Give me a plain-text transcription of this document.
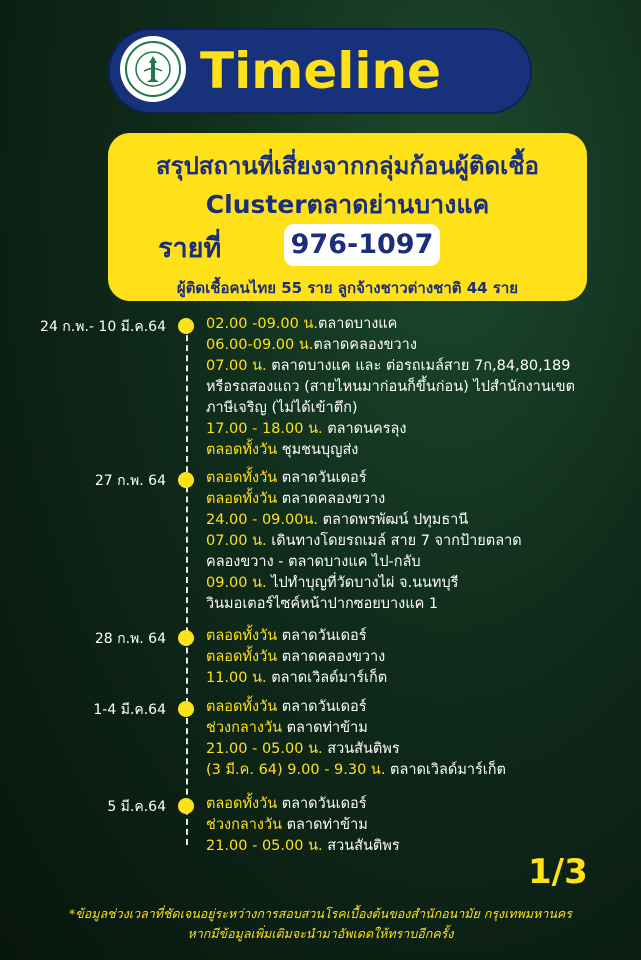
Timeline
สรุปสถานที่เสี่ยงจากกลุ่มก้อนผู้ติดเชื้อ
Clusterตลาดย่านบางแค
รายที่	976-1097
ผู้ติดเชื้อคนไทย 55 ราย ลูกจ้างชาวต่างชาติ 44 ราย
24 ก.พ.- 10 มี.ค.64	02.00 -09.00 น.ตลาดบางแค
06.00-09.00 น.ตลาดคลองขวาง
07.00 น. ตลาดบางแค และ ต่อรถเมล์สาย 7ก,84,80,189
หรือรถสองแถว (สายไหนมาก่อนก็ขึ้นก่อน) ไปสำนักงานเขต
ภาษีเจริญ (ไม่ได้เข้าตึก)
17.00 - 18.00 น. ตลาดนครลุง
ตลอดทั้งวัน ชุมชนบุญส่ง
27 ก.พ. 64	ตลอดทั้งวัน ตลาดวันเดอร์
ตลอดทั้งวัน ตลาดคลองขวาง
24.00 - 09.00น. ตลาดพรพัฒน์ ปทุมธานี
07.00 น. เดินทางโดยรถเมล์ สาย 7 จากป้ายตลาด
คลองขวาง - ตลาดบางแค ไป-กลับ
09.00 น. ไปทำบุญที่วัดบางไผ่ จ.นนทบุรี
วินมอเตอร์ไซค์หน้าปากซอยบางแค 1
28 ก.พ. 64	ตลอดทั้งวัน ตลาดวันเดอร์
ตลอดทั้งวัน ตลาดคลองขวาง
11.00 น. ตลาดเวิลด์มาร์เก็ต
1-4 มี.ค.64	ตลอดทั้งวัน ตลาดวันเดอร์
ช่วงกลางวัน ตลาดท่าข้าม
21.00 - 05.00 น. สวนสันติพร
(3 มี.ค. 64) 9.00 - 9.30 น. ตลาดเวิลด์มาร์เก็ต
5 มี.ค.64	ตลอดทั้งวัน ตลาดวันเดอร์
ช่วงกลางวัน ตลาดท่าข้าม
21.00 - 05.00 น. สวนสันติพร
1/3
*ข้อมูลช่วงเวลาที่ชัดเจนอยู่ระหว่างการสอบสวนโรคเบื้องต้นของสำนักอนามัย กรุงเทพมหานคร
หากมีข้อมูลเพิ่มเติมจะนำมาอัพเดตให้ทราบอีกครั้ง
